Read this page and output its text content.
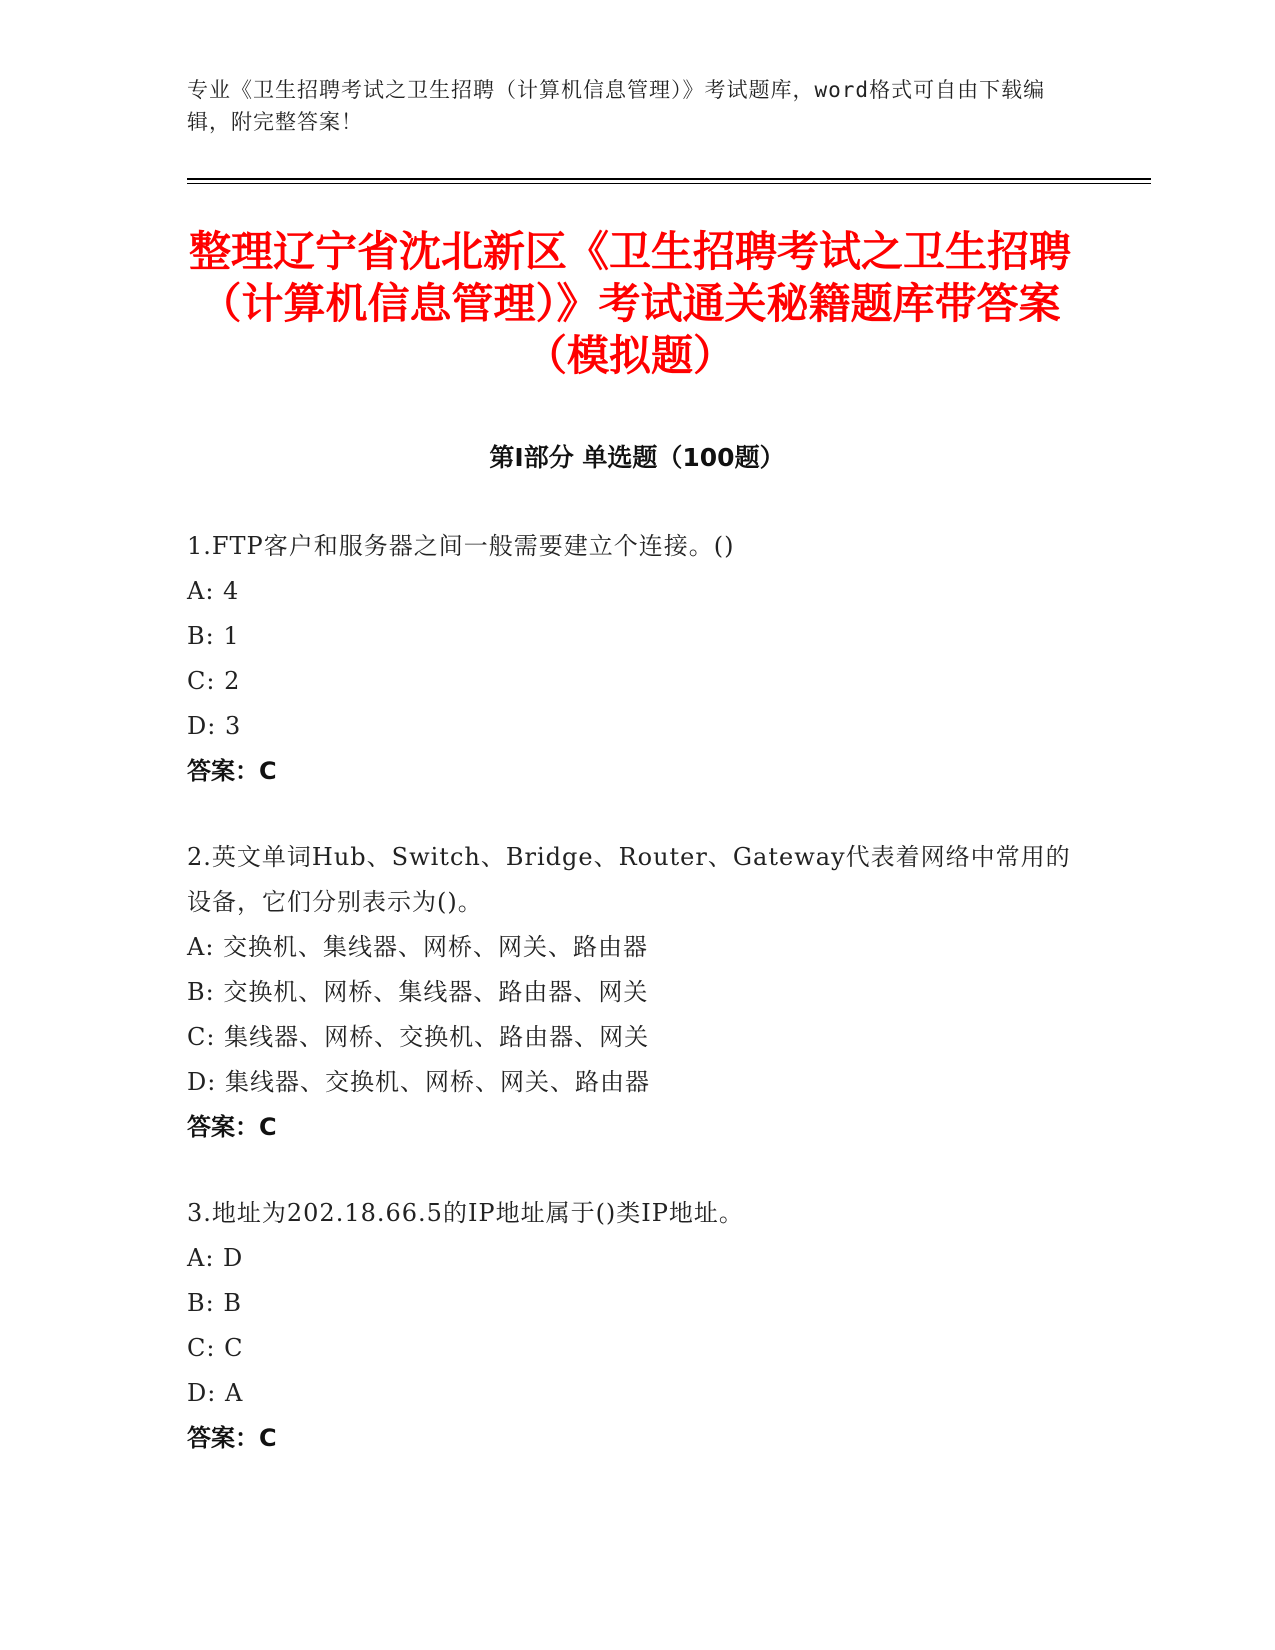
专业《卫生招聘考试之卫生招聘（计算机信息管理）》考试题库，word格式可自由下载编辑，附完整答案！
整理辽宁省沈北新区《卫生招聘考试之卫生招聘（计算机信息管理）》考试通关秘籍题库带答案（模拟题）
第Ⅰ部分 单选题（100题）
1.FTP客户和服务器之间一般需要建立个连接。()
A: 4
B: 1
C: 2
D: 3
答案：C
2.英文单词Hub、Switch、Bridge、Router、Gateway代表着网络中常用的设备，它们分别表示为()。
A: 交换机、集线器、网桥、网关、路由器
B: 交换机、网桥、集线器、路由器、网关
C: 集线器、网桥、交换机、路由器、网关
D: 集线器、交换机、网桥、网关、路由器
答案：C
3.地址为202.18.66.5的IP地址属于()类IP地址。
A: D
B: B
C: C
D: A
答案：C
